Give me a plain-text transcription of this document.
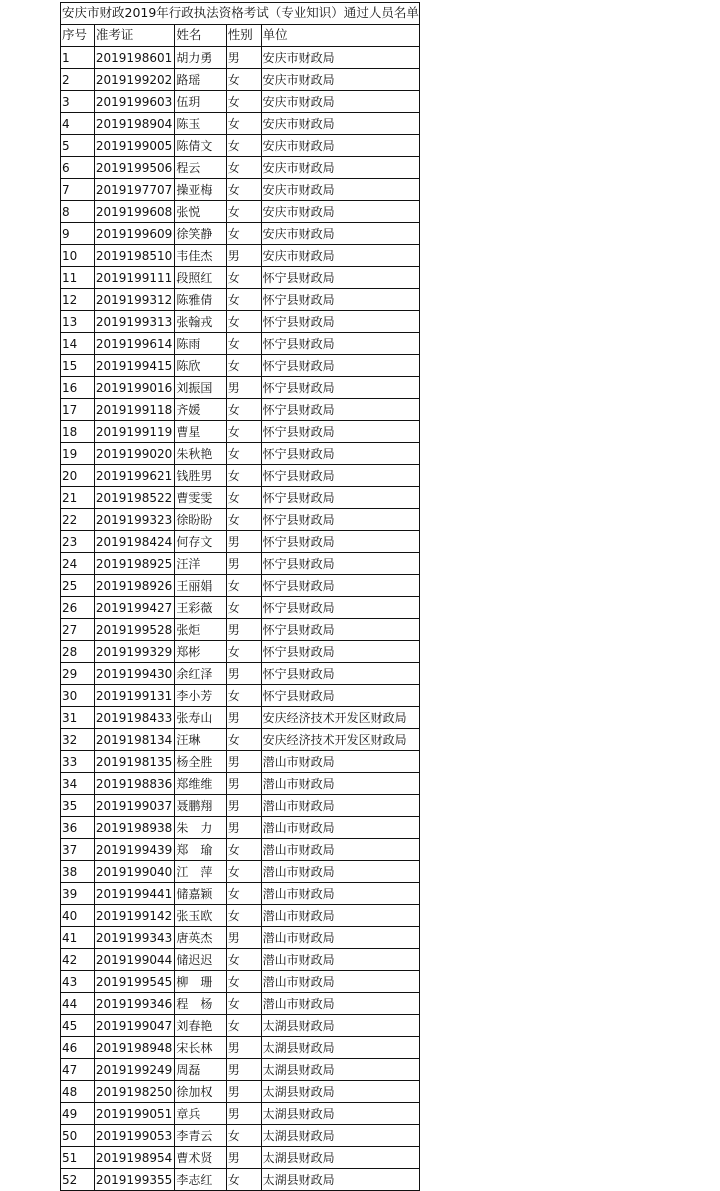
安庆市财政2019年行政执法资格考试（专业知识）通过人员名单				
序号	准考证	姓名	性别	单位
1	2019198601	胡力勇	男	安庆市财政局
2	2019199202	路瑶	女	安庆市财政局
3	2019199603	伍玥	女	安庆市财政局
4	2019198904	陈玉	女	安庆市财政局
5	2019199005	陈倩文	女	安庆市财政局
6	2019199506	程云	女	安庆市财政局
7	2019197707	操亚梅	女	安庆市财政局
8	2019199608	张悦	女	安庆市财政局
9	2019199609	徐笑静	女	安庆市财政局
10	2019198510	韦佳杰	男	安庆市财政局
11	2019199111	段照红	女	怀宁县财政局
12	2019199312	陈雅倩	女	怀宁县财政局
13	2019199313	张翰戎	女	怀宁县财政局
14	2019199614	陈雨	女	怀宁县财政局
15	2019199415	陈欣	女	怀宁县财政局
16	2019199016	刘振国	男	怀宁县财政局
17	2019199118	齐媛	女	怀宁县财政局
18	2019199119	曹星	女	怀宁县财政局
19	2019199020	朱秋艳	女	怀宁县财政局
20	2019199621	钱胜男	女	怀宁县财政局
21	2019198522	曹雯雯	女	怀宁县财政局
22	2019199323	徐盼盼	女	怀宁县财政局
23	2019198424	何存文	男	怀宁县财政局
24	2019198925	汪洋	男	怀宁县财政局
25	2019198926	王丽娟	女	怀宁县财政局
26	2019199427	王彩薇	女	怀宁县财政局
27	2019199528	张炬	男	怀宁县财政局
28	2019199329	郑彬	女	怀宁县财政局
29	2019199430	余红泽	男	怀宁县财政局
30	2019199131	李小芳	女	怀宁县财政局
31	2019198433	张寿山	男	安庆经济技术开发区财政局
32	2019198134	汪琳	女	安庆经济技术开发区财政局
33	2019198135	杨全胜	男	潜山市财政局
34	2019198836	郑维维	男	潜山市财政局
35	2019199037	聂鹏翔	男	潜山市财政局
36	2019198938	朱　力	男	潜山市财政局
37	2019199439	郑　瑜	女	潜山市财政局
38	2019199040	江　萍	女	潜山市财政局
39	2019199441	储嘉颖	女	潜山市财政局
40	2019199142	张玉欧	女	潜山市财政局
41	2019199343	唐英杰	男	潜山市财政局
42	2019199044	储迟迟	女	潜山市财政局
43	2019199545	柳　珊	女	潜山市财政局
44	2019199346	程　杨	女	潜山市财政局
45	2019199047	刘春艳	女	太湖县财政局
46	2019198948	宋长林	男	太湖县财政局
47	2019199249	周磊	男	太湖县财政局
48	2019198250	徐加权	男	太湖县财政局
49	2019199051	章兵	男	太湖县财政局
50	2019199053	李青云	女	太湖县财政局
51	2019198954	曹术贤	男	太湖县财政局
52	2019199355	李志红	女	太湖县财政局
